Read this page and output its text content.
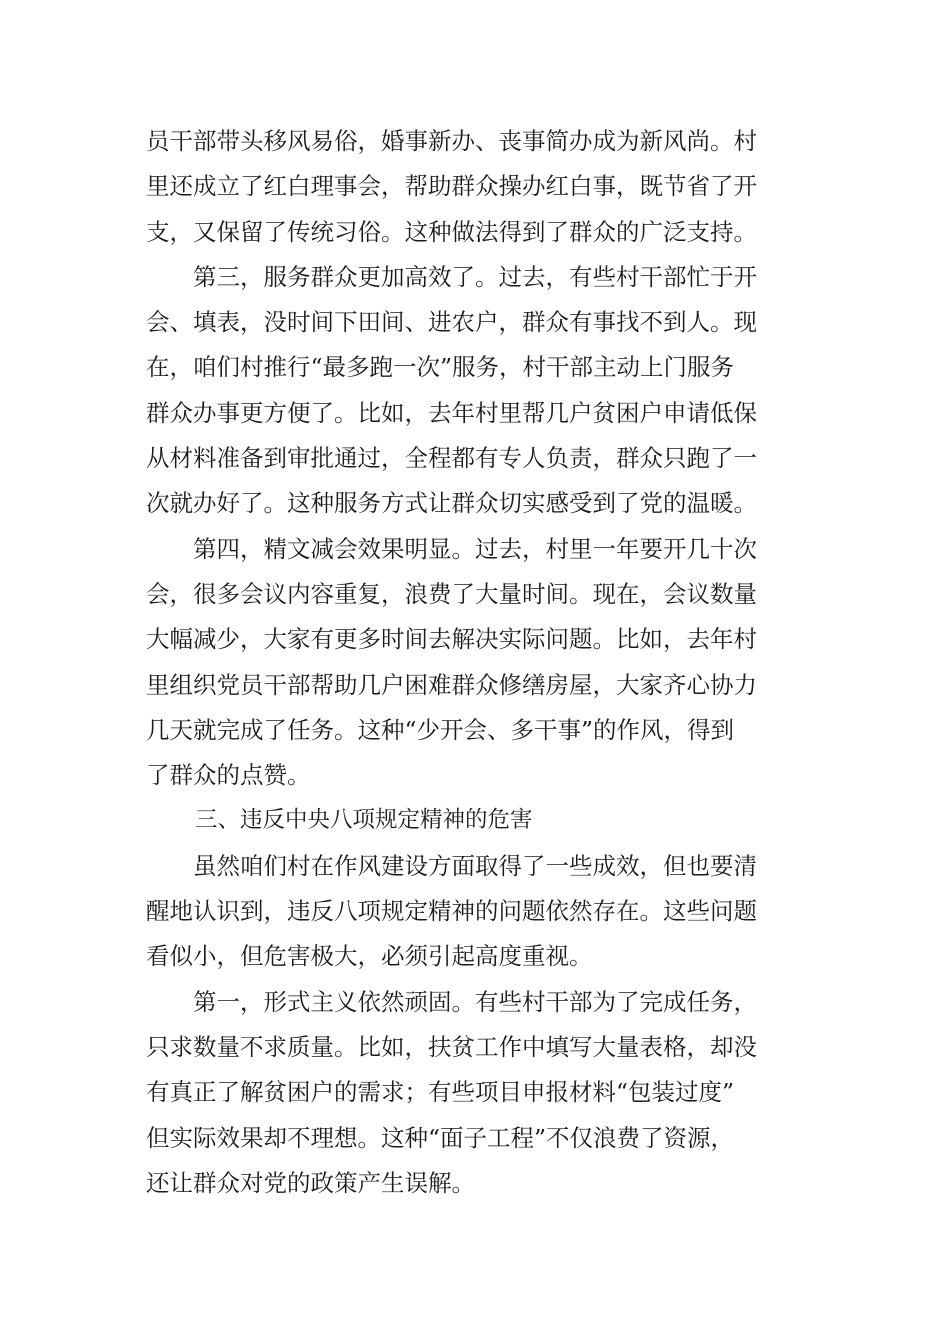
员干部带头移风易俗，婚事新办、丧事简办成为新风尚。村
里还成立了红白理事会，帮助群众操办红白事，既节省了开
支，又保留了传统习俗。这种做法得到了群众的广泛支持。
第三，服务群众更加高效了。过去，有些村干部忙于开
会、填表，没时间下田间、进农户，群众有事找不到人。现
在，咱们村推行“最多跑一次”服务，村干部主动上门服务
群众办事更方便了。比如，去年村里帮几户贫困户申请低保
从材料准备到审批通过，全程都有专人负责，群众只跑了一
次就办好了。这种服务方式让群众切实感受到了党的温暖。
第四，精文减会效果明显。过去，村里一年要开几十次
会，很多会议内容重复，浪费了大量时间。现在，会议数量
大幅减少，大家有更多时间去解决实际问题。比如，去年村
里组织党员干部帮助几户困难群众修缮房屋，大家齐心协力
几天就完成了任务。这种“少开会、多干事”的作风，得到
了群众的点赞。
三、违反中央八项规定精神的危害
虽然咱们村在作风建设方面取得了一些成效，但也要清
醒地认识到，违反八项规定精神的问题依然存在。这些问题
看似小，但危害极大，必须引起高度重视。
第一，形式主义依然顽固。有些村干部为了完成任务，
只求数量不求质量。比如，扶贫工作中填写大量表格，却没
有真正了解贫困户的需求；有些项目申报材料“包装过度”
但实际效果却不理想。这种“面子工程”不仅浪费了资源，
还让群众对党的政策产生误解。
